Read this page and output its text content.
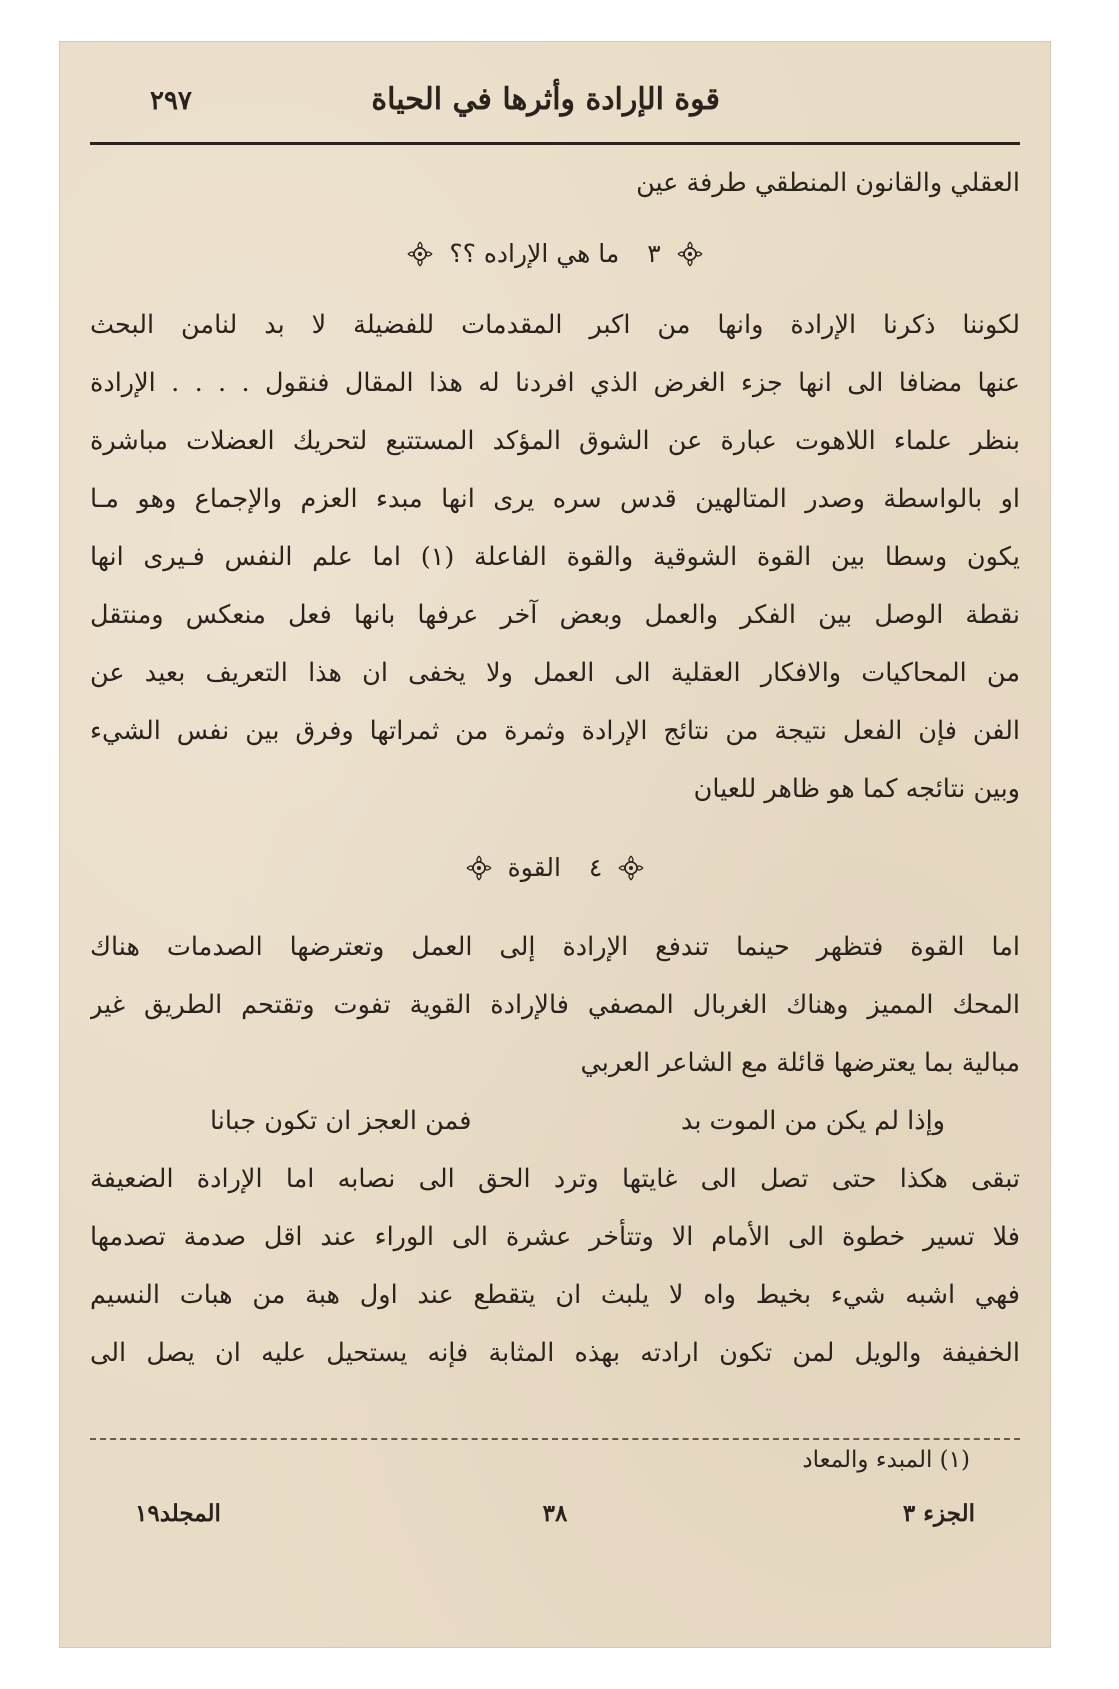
قوة الإرادة وأثرها في الحياة
٢٩٧
العقلي والقانون المنطقي طرفة عين
٣
ما هي الإراده ؟؟
لكوننا ذكرنا الإرادة وانها من اكبر المقدمات للفضيلة لا بد لنامن البحث
عنها مضافا الى انها جزء الغرض الذي افردنا له هذا المقال فنقول . . . . الإرادة
بنظر علماء اللاهوت عبارة عن الشوق المؤكد المستتبع لتحريك العضلات مباشرة
او بالواسطة وصدر المتالهين قدس سره يرى انها مبدء العزم والإجماع وهو مـا
يكون وسطا بين القوة الشوقية والقوة الفاعلة (١) اما علم النفس فـيرى انها
نقطة الوصل بين الفكر والعمل وبعض آخر عرفها بانها فعل منعكس ومنتقل
من المحاكيات والافكار العقلية الى العمل ولا يخفى ان هذا التعريف بعيد عن
الفن فإن الفعل نتيجة من نتائج الإرادة وثمرة من ثمراتها وفرق بين نفس الشيء
وبين نتائجه كما هو ظاهر للعيان
٤
القوة
اما القوة فتظهر حينما تندفع الإرادة إلى العمل وتعترضها الصدمات هناك
المحك المميز وهناك الغربال المصفي فالإرادة القوية تفوت وتقتحم الطريق غير
مبالية بما يعترضها قائلة مع الشاعر العربي
وإذا لم يكن من الموت بد
فمن العجز ان تكون جبانا
تبقى هكذا حتى تصل الى غايتها وترد الحق الى نصابه اما الإرادة الضعيفة
فلا تسير خطوة الى الأمام الا وتتأخر عشرة الى الوراء عند اقل صدمة تصدمها
فهي اشبه شيء بخيط واه لا يلبث ان يتقطع عند اول هبة من هبات النسيم
الخفيفة والويل لمن تكون ارادته بهذه المثابة فإنه يستحيل عليه ان يصل الى
(١) المبدء والمعاد
الجزء ٣
٣٨
المجلد١٩
